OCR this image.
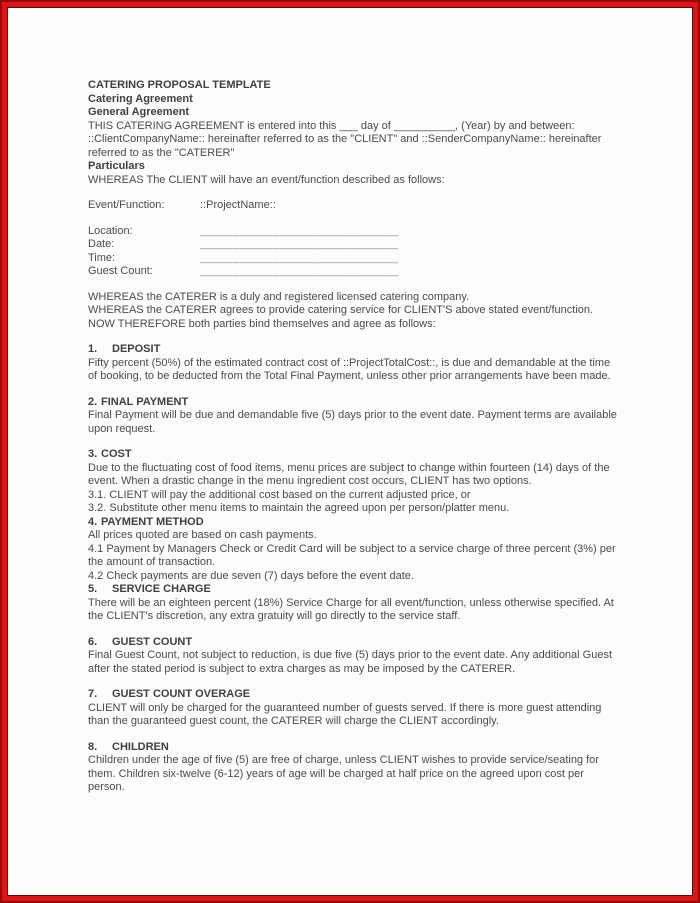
CATERING PROPOSAL TEMPLATE

Catering Agreement

General Agreement

THIS CATERING AGREEMENT is entered into this ___ day of __________, (Year) by and between:

::ClientCompanyName:: hereinafter referred to as the "CLIENT" and ::SenderCompanyName:: hereinafter referred to as the "CATERER"

Particulars

WHEREAS The CLIENT will have an event/function described as follows:

Event/Function:	::ProjectName::
Location:	______________________________
Date:	______________________________
Time:	______________________________
Guest Count:	______________________________

WHEREAS the CATERER is a duly and registered licensed catering company.

WHEREAS the CATERER agrees to provide catering service for CLIENT'S above stated event/function.

NOW THEREFORE both parties bind themselves and agree as follows:

1.	DEPOSIT

Fifty percent (50%) of the estimated contract cost of ::ProjectTotalCost::, is due and demandable at the time of booking, to be deducted from the Total Final Payment, unless other prior arrangements have been made.

2. FINAL PAYMENT

Final Payment will be due and demandable five (5) days prior to the event date. Payment terms are available upon request.

3. COST

Due to the fluctuating cost of food items, menu prices are subject to change within fourteen (14) days of the event. When a drastic change in the menu ingredient cost occurs, CLIENT has two options.

3.1. CLIENT will pay the additional cost based on the current adjusted price, or

3.2. Substitute other menu items to maintain the agreed upon per person/platter menu.

4. PAYMENT METHOD

All prices quoted are based on cash payments.

4.1 Payment by Managers Check or Credit Card will be subject to a service charge of three percent (3%) per the amount of transaction.

4.2 Check payments are due seven (7) days before the event date.

5.	SERVICE CHARGE

There will be an eighteen percent (18%) Service Charge for all event/function, unless otherwise specified. At the CLIENT's discretion, any extra gratuity will go directly to the service staff.

6.	GUEST COUNT

Final Guest Count, not subject to reduction, is due five (5) days prior to the event date. Any additional Guest after the stated period is subject to extra charges as may be imposed by the CATERER.

7.	GUEST COUNT OVERAGE

CLIENT will only be charged for the guaranteed number of guests served. If there is more guest attending than the guaranteed guest count, the CATERER will charge the CLIENT accordingly.

8.	CHILDREN

Children under the age of five (5) are free of charge, unless CLIENT wishes to provide service/seating for them. Children six-twelve (6-12) years of age will be charged at half price on the agreed upon cost per person.
